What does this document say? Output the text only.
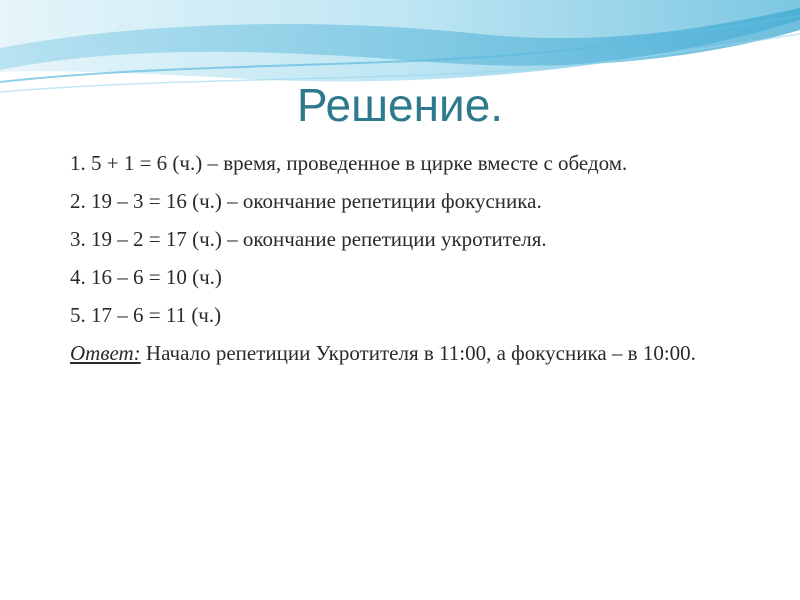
Решение.
1. 5 + 1 = 6 (ч.) – время, проведенное в цирке вместе с обедом.
2. 19 – 3 = 16 (ч.) – окончание репетиции фокусника.
3. 19 – 2 = 17 (ч.) – окончание репетиции укротителя.
4. 16 – 6 = 10 (ч.)
5. 17 – 6 = 11 (ч.)
Ответ: Начало репетиции Укротителя в 11:00, а фокусника – в 10:00.
